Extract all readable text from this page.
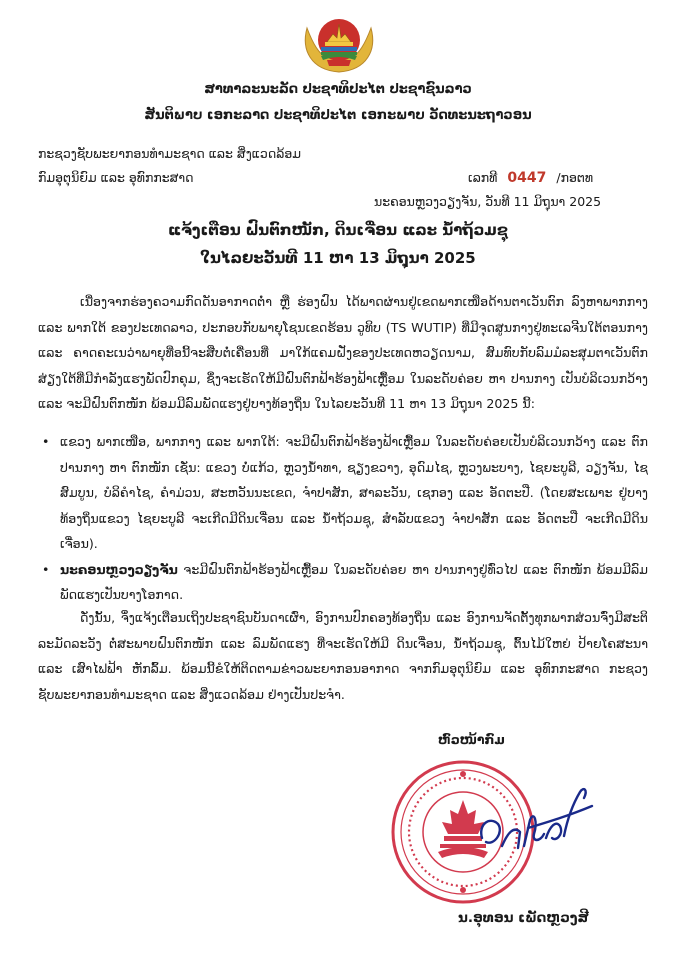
ສາທາລະນະລັດ ປະຊາທິປະໄຕ ປະຊາຊົນລາວ
ສັນຕິພາບ ເອກະລາດ ປະຊາທິປະໄຕ ເອກະພາບ ວັດທະນະຖາວອນ
ກະຊວງຊັບພະຍາກອນທຳມະຊາດ ແລະ ສິ່ງແວດລ້ອມ
ກົມອຸຕຸນິຍົມ ແລະ ອຸທົກກະສາດ	ເລກທີ 0447 /ກອຕທ
ນະຄອນຫຼວງວຽງຈັນ, ວັນທີ 11 ມິຖຸນາ 2025
ແຈ້ງເຕືອນ ຝົນຕົກໜັກ, ດິນເຈື່ອນ ແລະ ນ້ຳຖ້ວມຊຸ
ໃນໄລຍະວັນທີ 11 ຫາ 13 ມິຖຸນາ 2025
ເນື່ອງຈາກຮ່ອງຄວາມກົດດັນອາກາດຕ່ຳ ຫຼື ຮ່ອງຝົນ ໄດ້ພາດຜ່ານຢູ່ເຂດພາກເໜືອດ້ານຕາເວັນຕົກ ລົງຫາພາກກາງ ແລະ ພາກໃຕ້ ຂອງປະເທດລາວ, ປະກອບກັບພາຍຸໂຊນເຂດຮ້ອນ ວູທິບ (TS WUTIP) ທີ່ມີຈຸດສູນກາງຢູ່ທະເລຈີນໃຕ້ຕອນກາງ ແລະ ຄາດຄະເນວ່າພາຍຸທີ່ອນີ້ຈະສືບຕໍ່ເຄື່ອນທີ່ ມາໃກ້ແຄມຝັ່ງຂອງປະເທດຫວຽດນາມ, ສົມທົບກັບລົມມໍລະສຸມຕາເວັນຕົກສ່ຽງໃຕ້ທີ່ມີກຳລັງແຮງພັດປົກຄຸມ, ຊຶ່ງຈະເຮັດໃຫ້ມີຝົນຕົກຟ້າຮ້ອງຟ້າເຫຼື້ອມ ໃນລະດັບຄ່ອຍ ຫາ ປານກາງ ເປັນບໍລິເວນກວ້າງ ແລະ ຈະມີຝົນຕົກໜັກ ພ້ອມມີລົມພັດແຮງຢູ່ບາງທ້ອງຖິ່ນ ໃນໄລຍະວັນທີ 11 ຫາ 13 ມິຖຸນາ 2025 ນີ້:
• ແຂວງ ພາກເໜືອ, ພາກກາງ ແລະ ພາກໃຕ້: ຈະມີຝົນຕົກຟ້າຮ້ອງຟ້າເຫຼື້ອມ ໃນລະດັບຄ່ອຍເປັນບໍລິເວນກວ້າງ ແລະ ຕົກປານກາງ ຫາ ຕົກໜັກ ເຊັ່ນ: ແຂວງ ບໍ່ແກ້ວ, ຫຼວງນ້ຳທາ, ຊຽງຂວາງ, ອຸດົມໄຊ, ຫຼວງພະບາງ, ໄຊຍະບູລີ, ວຽງຈັນ, ໄຊສົມບູນ, ບໍລິຄຳໄຊ, ຄຳມ່ວນ, ສະຫວັນນະເຂດ, ຈຳປາສັກ, ສາລະວັນ, ເຊກອງ ແລະ ອັດຕະປື. (ໂດຍສະເພາະ ຢູ່ບາງທ້ອງຖິ່ນແຂວງ ໄຊຍະບູລີ ຈະເກີດມີດິນເຈື່ອນ ແລະ ນ້ຳຖ້ວມຊຸ, ສຳລັບແຂວງ ຈຳປາສັກ ແລະ ອັດຕະປື ຈະເກີດມີດິນເຈື່ອນ).
• ນະຄອນຫຼວງວຽງຈັນ ຈະມີຝົນຕົກຟ້າຮ້ອງຟ້າເຫຼື້ອມ ໃນລະດັບຄ່ອຍ ຫາ ປານກາງຢູ່ທົ່ວໄປ ແລະ ຕົກໜັກ ພ້ອມມີລົມພັດແຮງເປັນບາງໂອກາດ.
ດັ່ງນັ້ນ, ຈຶ່ງແຈ້ງເຕືອນເຖິງປະຊາຊົນບັນດາເຜົ່າ, ອົງການປົກຄອງທ້ອງຖິ່ນ ແລະ ອົງການຈັດຕັ້ງທຸກພາກສ່ວນຈົ່ງມີສະຕິ ລະມັດລະວັງ ຕໍ່ສະພາບຝົນຕົກໜັກ ແລະ ລົມພັດແຮງ ທີ່ຈະເຮັດໃຫ້ມີ ດິນເຈື່ອນ, ນ້ຳຖ້ວມຊຸ, ຕົ້ນໄມ້ໃຫຍ່ ປ້າຍໂຄສະນາ ແລະ ເສົາໄຟຟ້າ ຫັກລົ້ມ. ພ້ອມນີ້ຂໍໃຫ້ຕິດຕາມຂ່າວພະຍາກອນອາກາດ ຈາກກົມອຸຕຸນິຍົມ ແລະ ອຸທົກກະສາດ ກະຊວງຊັບພະຍາກອນທຳມະຊາດ ແລະ ສິ່ງແວດລ້ອມ ຢ່າງເປັນປະຈຳ.
ຫົວໜ້າກົມ
ນ.ອຸທອນ ເພັດຫຼວງສີ
